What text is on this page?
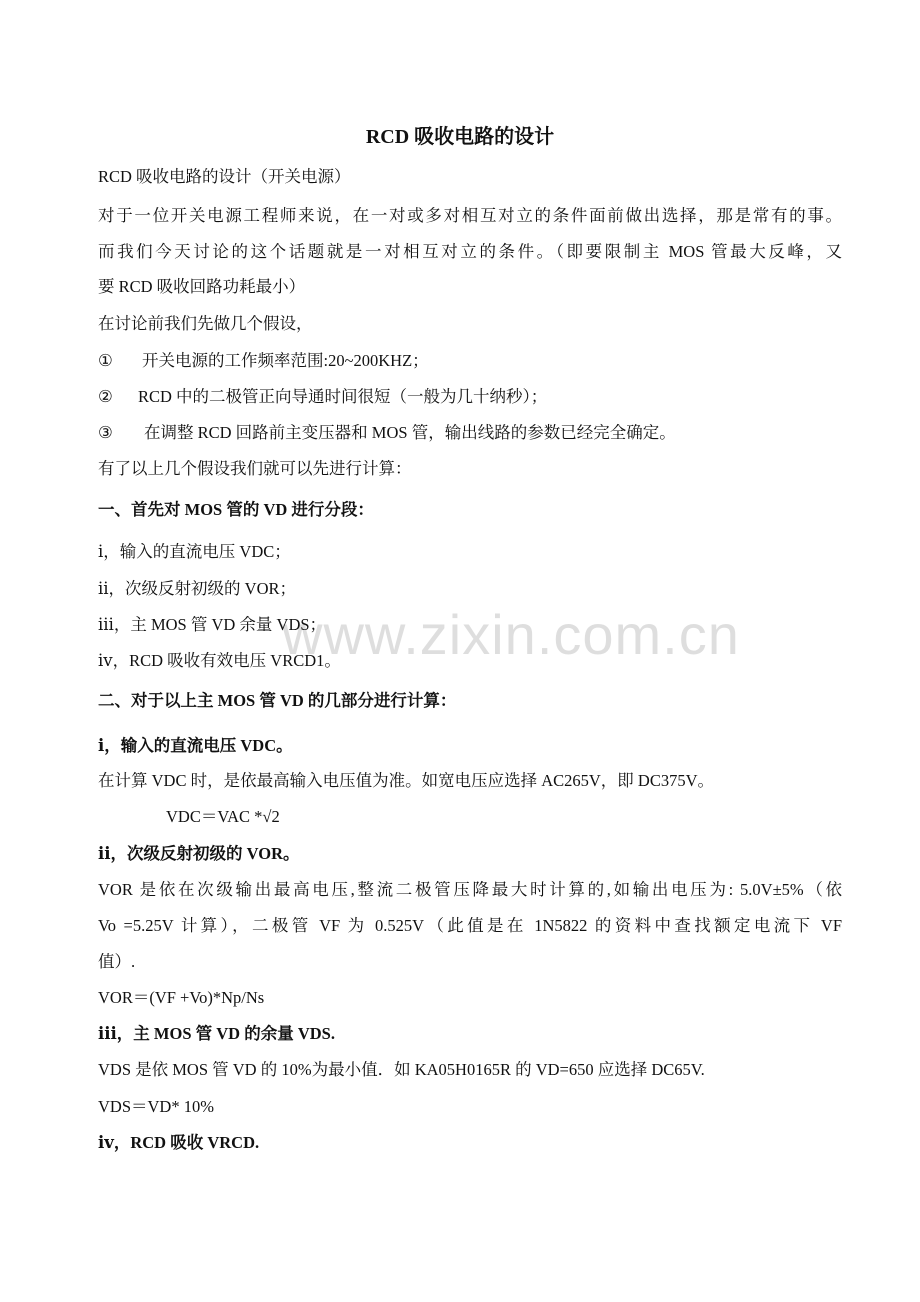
RCD 吸收电路的设计
RCD 吸收电路的设计（开关电源）
对于一位开关电源工程师来说，在一对或多对相互对立的条件面前做出选择，那是常有的事。
而我们今天讨论的这个话题就是一对相互对立的条件。（即要限制主 MOS 管最大反峰，又
要 RCD 吸收回路功耗最小）
在讨论前我们先做几个假设，
① 开关电源的工作频率范围:20~200KHZ；
② RCD 中的二极管正向导通时间很短（一般为几十纳秒）；
③ 在调整 RCD 回路前主变压器和 MOS 管，输出线路的参数已经完全确定。
有了以上几个假设我们就可以先进行计算：
一、首先对 MOS 管的 VD 进行分段：
ⅰ，输入的直流电压 VDC；
ⅱ，次级反射初级的 VOR；
ⅲ，主 MOS 管 VD 余量 VDS；
ⅳ，RCD 吸收有效电压 VRCD1。
二、对于以上主 MOS 管 VD 的几部分进行计算：
ⅰ，输入的直流电压 VDC。
在计算 VDC 时，是依最高输入电压值为准。如宽电压应选择 AC265V，即 DC375V。
VDC＝VAC *√2
ⅱ，次级反射初级的 VOR。
VOR 是依在次级输出最高电压,整流二极管压降最大时计算的,如输出电压为: 5.0V±5%（依
Vo =5.25V 计算），二极管 VF 为 0.525V（此值是在 1N5822 的资料中查找额定电流下 VF
值）.
VOR＝(VF +Vo)*Np/Ns
ⅲ，主 MOS 管 VD 的余量 VDS.
VDS 是依 MOS 管 VD 的 10%为最小值．如 KA05H0165R 的 VD=650 应选择 DC65V.
VDS＝VD* 10%
ⅳ，RCD 吸收 VRCD.
www.zixin.com.cn
